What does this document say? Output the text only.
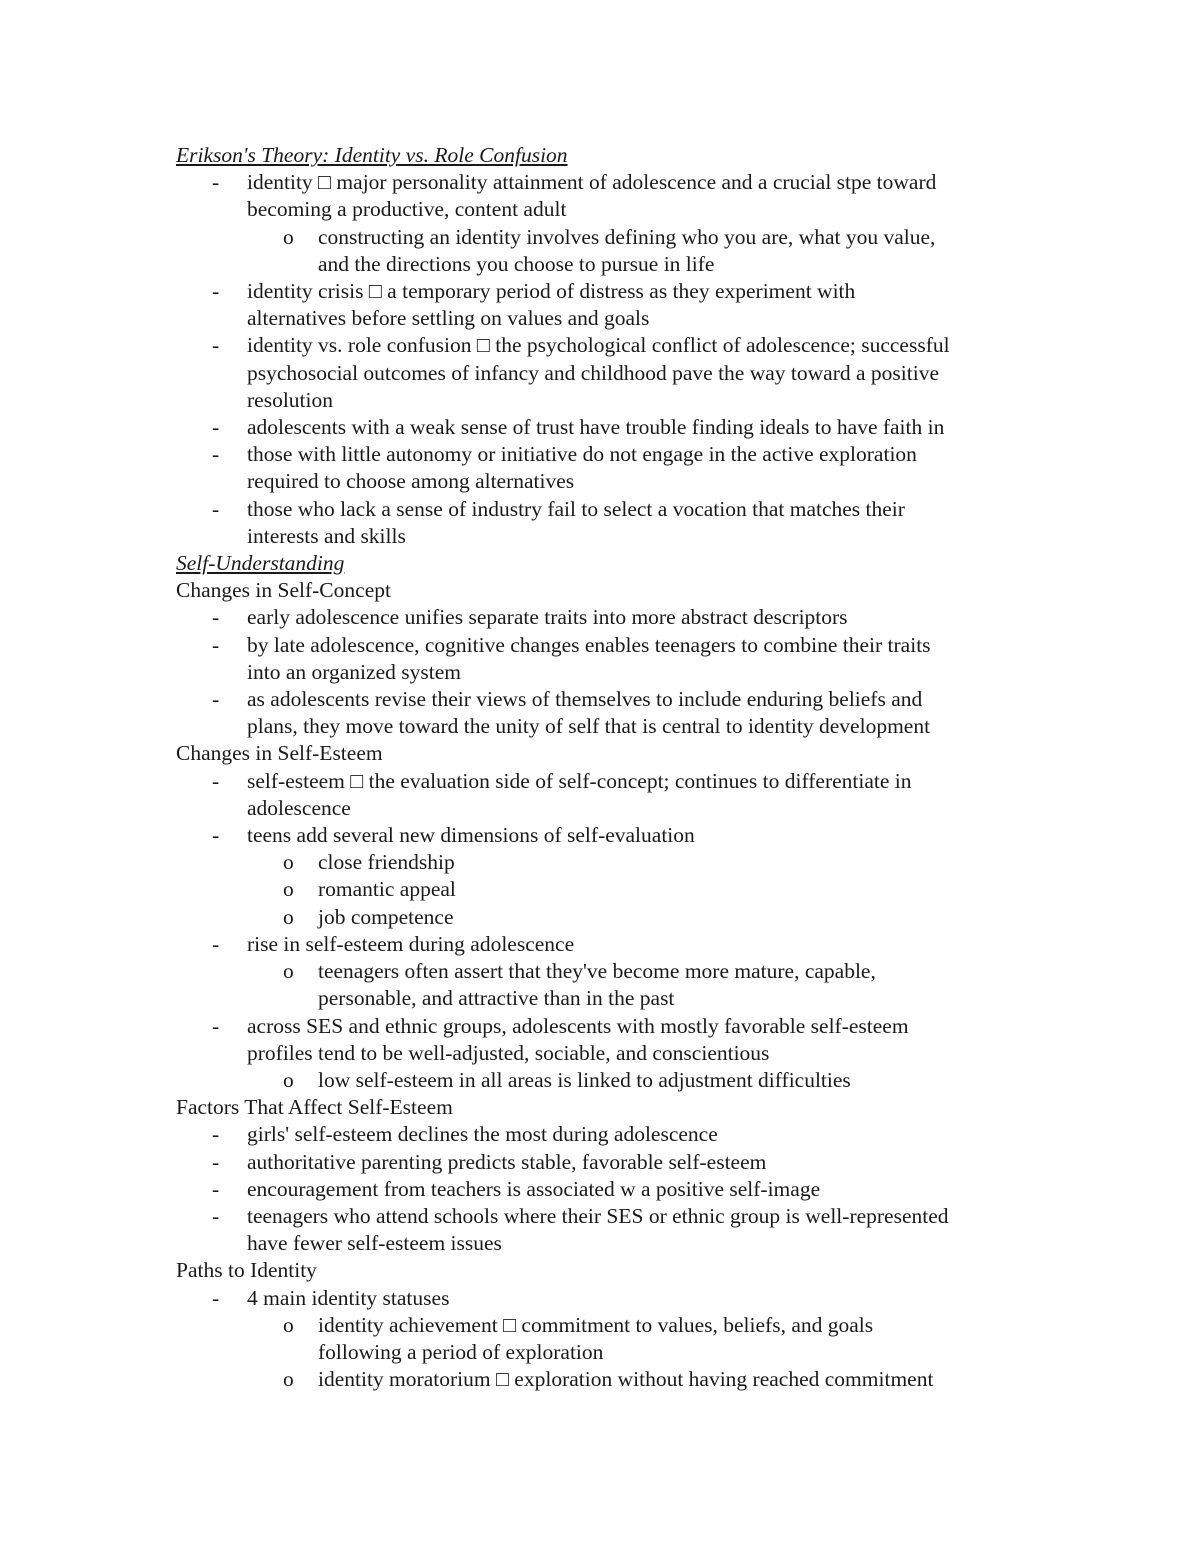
Erikson's Theory: Identity vs. Role Confusion
- identity □ major personality attainment of adolescence and a crucial stpe toward
becoming a productive, content adult
o constructing an identity involves defining who you are, what you value,
and the directions you choose to pursue in life
- identity crisis □ a temporary period of distress as they experiment with
alternatives before settling on values and goals
- identity vs. role confusion □ the psychological conflict of adolescence; successful
psychosocial outcomes of infancy and childhood pave the way toward a positive
resolution
- adolescents with a weak sense of trust have trouble finding ideals to have faith in
- those with little autonomy or initiative do not engage in the active exploration
required to choose among alternatives
- those who lack a sense of industry fail to select a vocation that matches their
interests and skills
Self-Understanding
Changes in Self-Concept
- early adolescence unifies separate traits into more abstract descriptors
- by late adolescence, cognitive changes enables teenagers to combine their traits
into an organized system
- as adolescents revise their views of themselves to include enduring beliefs and
plans, they move toward the unity of self that is central to identity development
Changes in Self-Esteem
- self-esteem □ the evaluation side of self-concept; continues to differentiate in
adolescence
- teens add several new dimensions of self-evaluation
o close friendship
o romantic appeal
o job competence
- rise in self-esteem during adolescence
o teenagers often assert that they've become more mature, capable,
personable, and attractive than in the past
- across SES and ethnic groups, adolescents with mostly favorable self-esteem
profiles tend to be well-adjusted, sociable, and conscientious
o low self-esteem in all areas is linked to adjustment difficulties
Factors That Affect Self-Esteem
- girls' self-esteem declines the most during adolescence
- authoritative parenting predicts stable, favorable self-esteem
- encouragement from teachers is associated w a positive self-image
- teenagers who attend schools where their SES or ethnic group is well-represented
have fewer self-esteem issues
Paths to Identity
- 4 main identity statuses
o identity achievement □ commitment to values, beliefs, and goals
following a period of exploration
o identity moratorium □ exploration without having reached commitment
